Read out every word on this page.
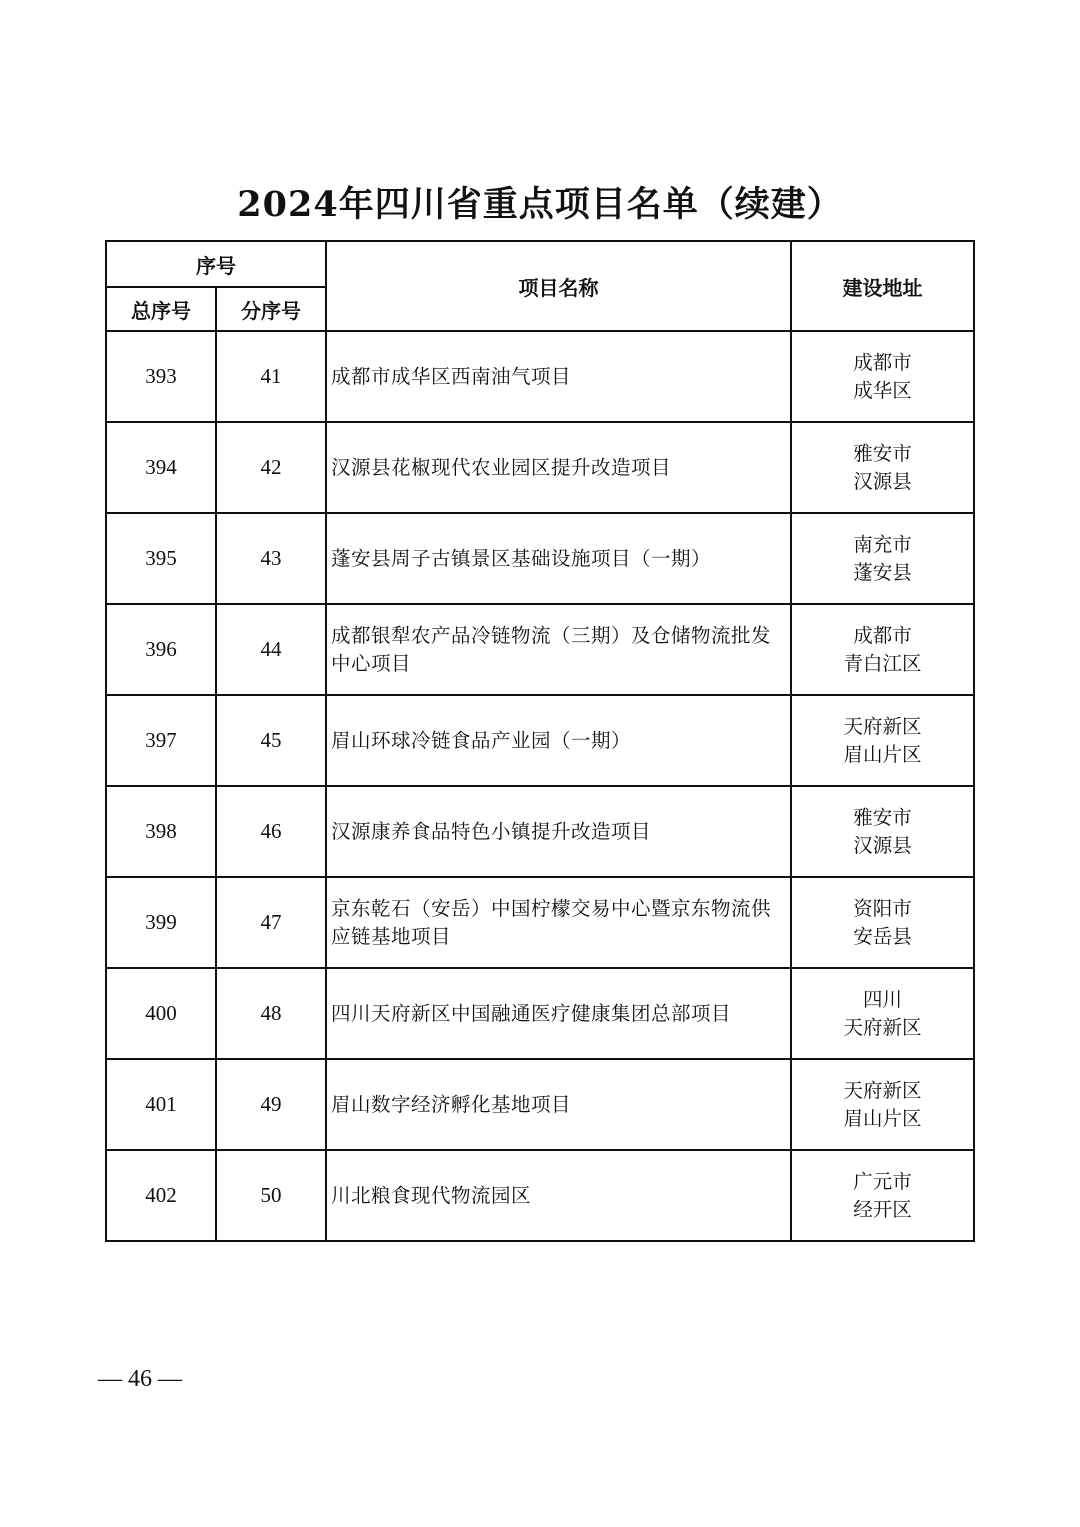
2024年四川省重点项目名单（续建）
序号		项目名称	建设地址
总序号	分序号		
393	41	成都市成华区西南油气项目	成都市
成华区

394	42	汉源县花椒现代农业园区提升改造项目	雅安市
汉源县

395	43	蓬安县周子古镇景区基础设施项目（一期）	南充市
蓬安县

396	44	成都银犁农产品冷链物流（三期）及仓储物流批发中心项目	成都市
青白江区

397	45	眉山环球冷链食品产业园（一期）	天府新区
眉山片区

398	46	汉源康养食品特色小镇提升改造项目	雅安市
汉源县

399	47	京东乾石（安岳）中国柠檬交易中心暨京东物流供应链基地项目	资阳市
安岳县

400	48	四川天府新区中国融通医疗健康集团总部项目	四川
天府新区

401	49	眉山数字经济孵化基地项目	天府新区
眉山片区

402	50	川北粮食现代物流园区	广元市
经开区
— 46 —
